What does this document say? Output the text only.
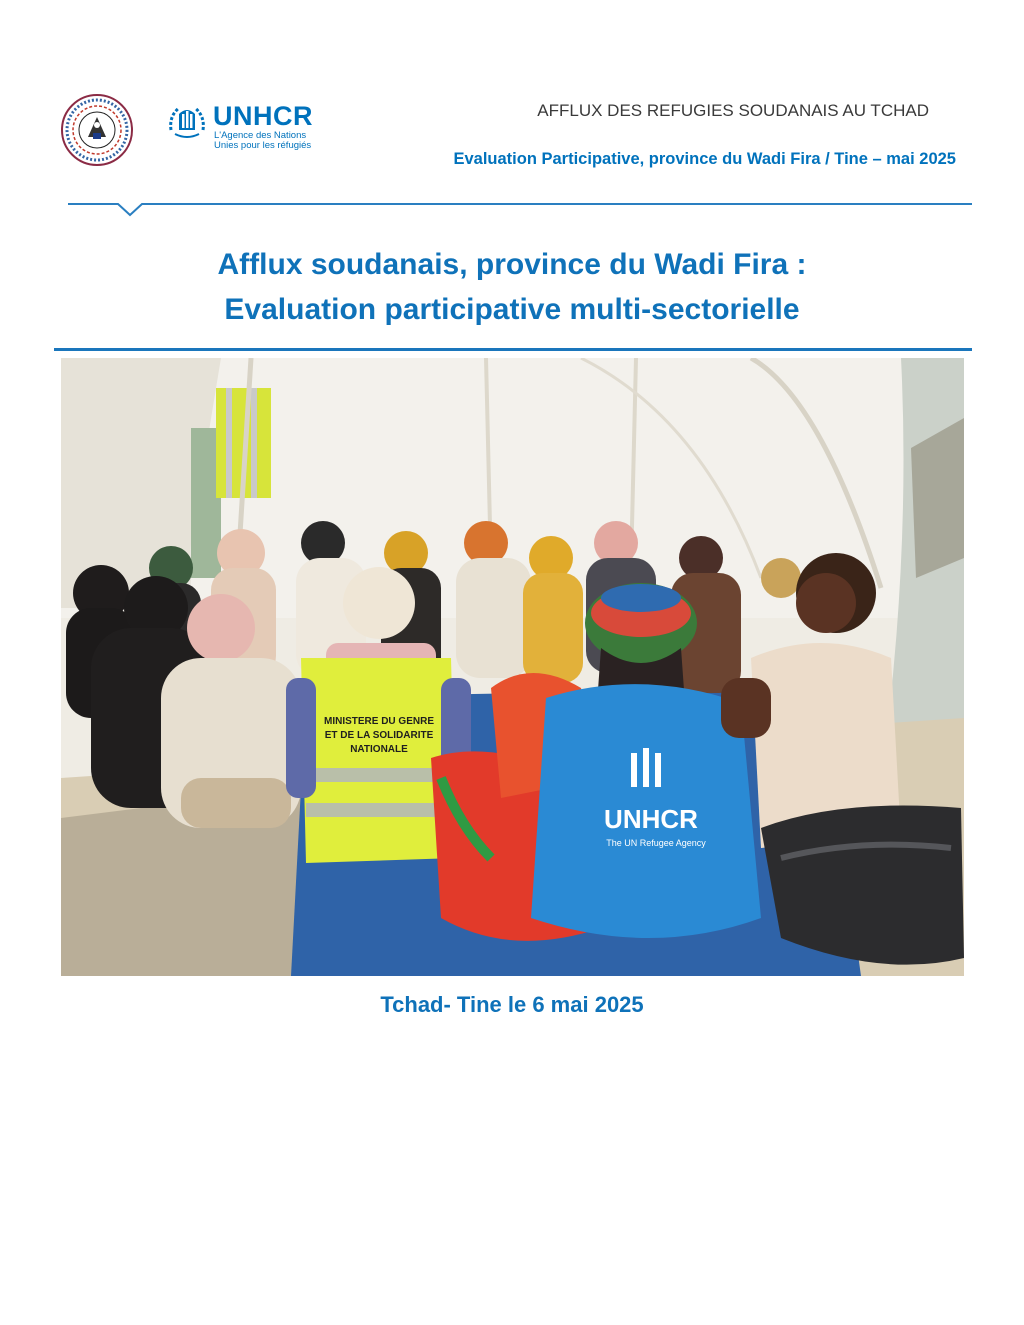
UNHCR
L'Agence des Nations Unies pour les réfugiés
AFFLUX DES REFUGIES SOUDANAIS AU TCHAD
Evaluation Participative, province du Wadi Fira / Tine – mai 2025
Afflux soudanais, province du Wadi Fira :
Evaluation participative multi-sectorielle
MINISTERE DU GENRE
ET DE LA SOLIDARITE
NATIONALE
UNHCR
The UN Refugee Agency
Tchad- Tine le 6 mai 2025
